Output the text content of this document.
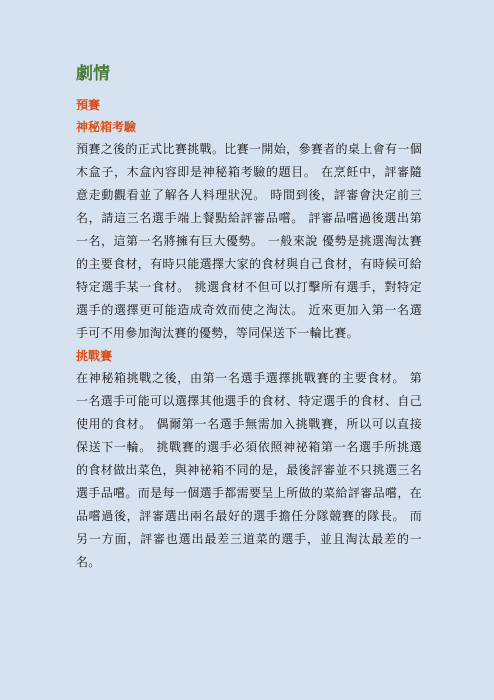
劇情
預賽
神秘箱考驗

預賽之後的正式比賽挑戰。比賽一開始，參賽者的桌上會有一個木盒子，木盒內容即是神秘箱考驗的題目。 在烹飪中，評審隨意走動觀看並了解各人料理狀況。 時間到後，評審會決定前三名，請這三名選手端上餐點給評審品嚐。 評審品嚐過後選出第一名，這第一名將擁有巨大優勢。 一般來說 優勢是挑選淘汰賽的主要食材，有時只能選擇大家的食材與自己食材，有時候可給特定選手某一食材。 挑選食材不但可以打擊所有選手，對特定選手的選擇更可能造成奇效而使之淘汰。 近來更加入第一名選手可不用參加淘汰賽的優勢，等同保送下一輪比賽。

挑戰賽

在神秘箱挑戰之後，由第一名選手選擇挑戰賽的主要食材。 第一名選手可能可以選擇其他選手的食材、特定選手的食材、自己使用的食材。 偶爾第一名選手無需加入挑戰賽，所以可以直接保送下一輪。 挑戰賽的選手必須依照神祕箱第一名選手所挑選的食材做出菜色，與神祕箱不同的是，最後評審並不只挑選三名選手品嚐。而是每一個選手都需要呈上所做的菜給評審品嚐，在品嚐過後，評審選出兩名最好的選手擔任分隊競賽的隊長。 而另一方面，評審也選出最差三道菜的選手，並且淘汰最差的一名。
